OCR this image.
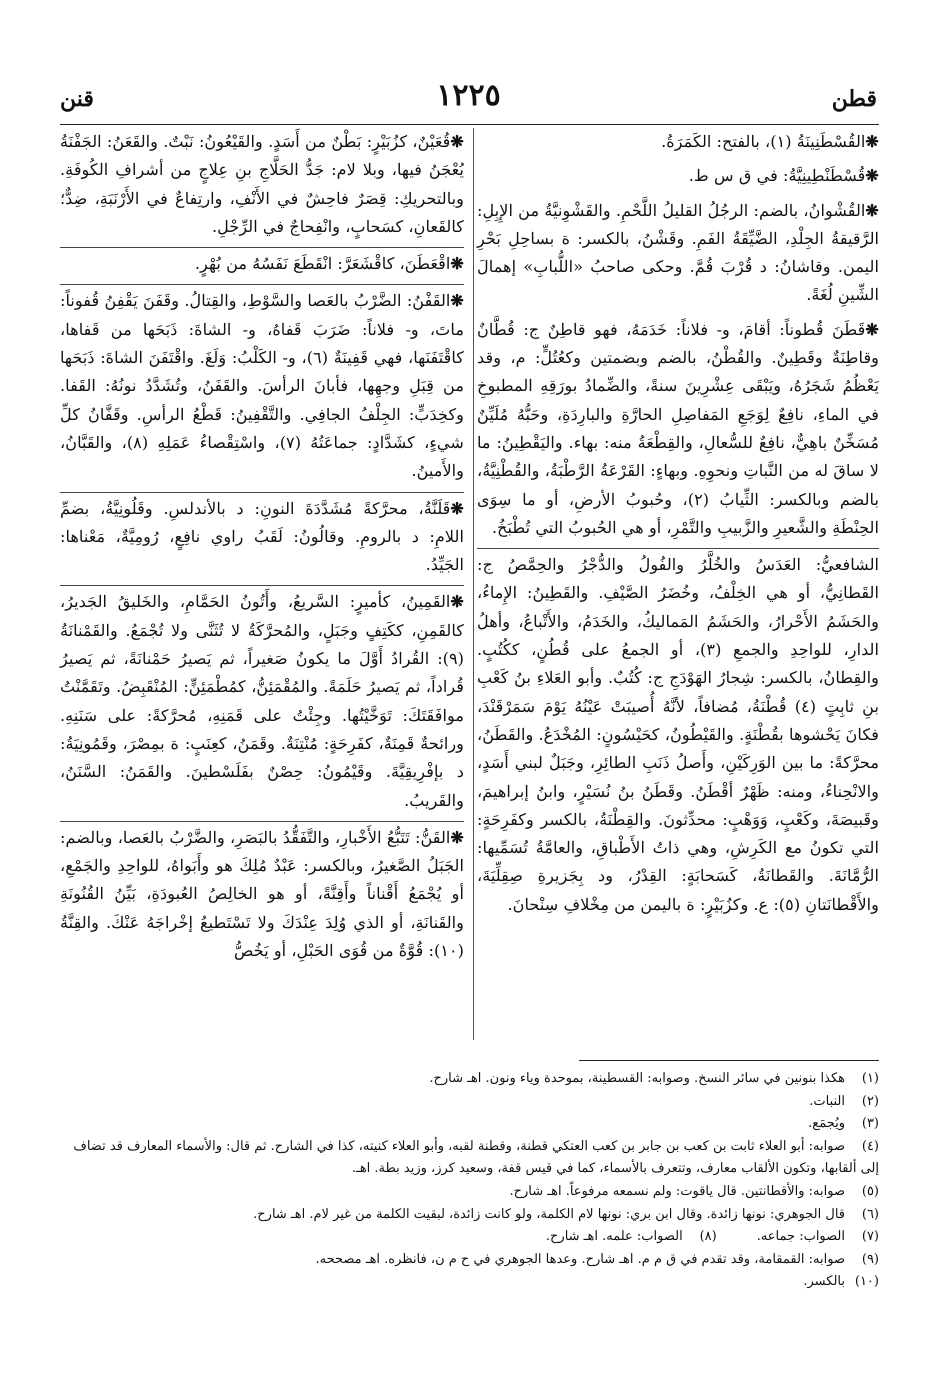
قطن
١٢٢٥
قنن

❋القُسْطَنِينَةُ (١)، بالفتح: الكَمَرَةُ.

❋قُسْطَنْطِينِيَّةُ: في ق س ط.

❋القُشْوانُ، بالضم: الرجُلُ القليلُ اللَّحْمِ. والقَشْوِنيَّةُ من الإِبِلِ: الرَّقيقةُ الجِلْدِ، الضَّيِّقَةُ الفَمِ. وقَشْنُ، بالكسر: ة بساحِلِ بَحْرِ اليمن. وقاشانُ: د قُرْبَ قُمَّ. وحكى صاحبُ «اللُّبابِ» إهمالَ الشِّينِ لُغَةً.

❋قَطَنَ قُطوناً: أقامَ، و- فلاناً: خَدَمَهُ، فهو قاطِنٌ ج: قُطَّانٌ وقاطِنَةٌ وقَطِينٌ. والقُطْنُ، بالضم وبضمتين وكعُتُلٍّ: م، وقد يَعْظُمُ شَجَرُهُ، ويَبْقَى عِشْرِينَ سنةً، والضِّمادُ بورَقِهِ المطبوخِ في الماءِ، نافِعٌ لِوَجَعِ المَفاصِلِ الحارَّةِ والبارِدَةِ، وحَبُّهُ مُلَيِّنٌ مُسَخِّنٌ باهِيٌّ، نافِعٌ للسُّعالِ، والقِطْعَةُ منه: بهاء. واليَقْطِينُ: ما لا ساقَ له من النَّباتِ ونحوِهِ. وبهاءٍ: القَرْعَةُ الرَّطْبَةُ، والقُطْنِيَّةُ، بالضم وبالكسر: الثِّيابُ (٢)، وحُبوبُ الأرضِ، أو ما سِوَى الحِنْطَةِ والشَّعيرِ والزَّبيبِ والتَّمْرِ، أو هي الحُبوبُ التي تُطْبَخُ.

الشافعيُّ: العَدَسُ والخُلَّرُ والفُولُ والدُّجْرُ والحِمَّصُ ج: القَطانِيُّ، أو هي الخِلْفُ، وخُضَرُ الصَّيْفِ. والقَطِينُ: الإِماءُ، والحَشَمُ الأَحْرارُ، والحَشَمُ المَماليكُ، والخَدَمُ، والأَتْباعُ، وأهلُ الدارِ، للواحِدِ والجمعِ (٣)، أو الجمعُ على قُطُنٍ، ككُتُبٍ. والقِطانُ، بالكسر: شِجارُ الهَوْدَجِ ج: كُتُبٌ. وأبو العَلاءِ بنُ كَعْبِ بنِ ثابِتٍ (٤) قُطْنَةُ، مُضافاً، لأنَّهُ أُصيبَتْ عَيْنُهُ يَوْمَ سَمَرْقَنْدَ، فكانَ يَحْشوها بقُطْنَةٍ. والقَيْطُونُ، كحَيْسُونٍ: المُخْدَعُ. والقَطَنُ، محرَّكةً: ما بين الوَرِكَيْنِ، وأَصلُ ذَنَبِ الطائِرِ، وجَبَلٌ لبني أَسَدٍ، والانْحِناءُ، ومنه: ظَهْرٌ أقْطَنُ. وقَطَنُ بنُ نُسَيْرٍ، وابنُ إبراهيمَ، وقَبيصَةَ، وكَعْبٍ، وَوَهْبٍ: محدِّثونَ. والقِطْنَةُ، بالكسر وكفَرِحَةٍ: التي تكونُ مع الكَرِشِ، وهي ذاتُ الأَطْباقِ، والعامَّةُ تُسَمِّيها: الرُّمَّانَةَ. والقَطانَةُ، كَسَحابَةٍ: القِدْرُ، ود بِجَزيرةِ صِقِلِّيَةَ، والأَقْطانَتانِ (٥): ع. وكزُبَيْرٍ: ة باليمن من مِخْلافِ سِنْحانَ.

❋قُعَيْنٌ، كزُبَيْرٍ: بَطْنٌ من أَسَدٍ. والقَيْعُونُ: نَبْتٌ. والقَعَنُ: الجَفْنَةُ يُعْجَنُ فيها، وبلا لام: جَدُّ الحَلَّاجِ بنِ عِلاجٍ من أشرافِ الكُوفَةِ. وبالتحريكِ: قِصَرٌ فاحِشٌ في الأَنْفِ، وارتِفاعٌ في الأَرْنَبَةِ، ضِدٌّ؛ كالقَعانِ، كسَحابٍ، وانْفِحاجٌ في الرِّجْلِ.

❋اقْعَطَنَ، كاقْشَعَرَّ: انْقَطَعَ نَفَسُهُ من بُهْرٍ.

❋القَفْنُ: الضَّرْبُ بالعَصا والسَّوْطِ، والقِتالُ. وقَفَنَ يَقْفِنُ قُفوناً: ماتَ، و- فلاناً: ضَرَبَ قَفاهُ، و- الشاةَ: ذَبَحَها من قَفاها، كاقْتَفَنَها، فهي قَفِينَةٌ (٦)، و- الكَلْبُ: وَلَغَ. واقْتَفَنَ الشاةَ: ذَبَحَها من قِبَلِ وجهِها، فأبانَ الرأسَ. والقَفَنُ، وتُشَدَّدُ نونُهُ: القَفا. وكخِدَبٍّ: الجِلْفُ الجافِي. والتَّقْفِينُ: قَطْعُ الرأسِ. وقَفَّانُ كلِّ شيءٍ، كشَدَّادٍ: جماعَتُهُ (٧)، واسْتِقْصاءُ عَمَلِهِ (٨)، والقَبَّانُ، والأَمينُ.

❋قَلَنَّةُ، محرَّكةً مُشَدَّدَةَ النونِ: د بالأندلسِ. وقَلُونِيَّةُ، بضمِّ اللامِ: د بالرومِ. وقالُونُ: لَقَبُ راوي نافِعٍ، رُومِيَّةٌ، مَعْناها: الجَيِّدُ.

❋القَمِينُ، كأميرٍ: السَّريعُ، وأَتُونُ الحَمَّامِ، والخَليقُ الجَديرُ، كالقَمِنِ، ككَتِفٍ وجَبَلٍ، والمُحرَّكَةُ لا تُثَنَّى ولا تُجْمَعُ. والقَمْنانَةُ (٩): القُرادُ أَوَّلَ ما يكونُ صَغيراً، ثم يَصيرُ حَمْنانَةً، ثم يَصيرُ قُراداً، ثم يَصيرُ حَلَمَةً. والمُقْمَئِنُّ، كمُطْمَئِنٍّ: المُنْقَبِضُ. وتَقَمَّنْتُ موافَقَتَكَ: تَوَخَّيْتُها. وجِئْتُ على قَمَنِهِ، مُحرَّكةً: على سَنَنِهِ. ورائحةٌ قَمِنَةٌ، كفَرِحَةٍ: مُنْتِنَةٌ. وقَمَنُ، كعِنَبٍ: ة بمِصْرَ، وقَمُونِيَةُ: د بإفْرِيقِيَّةَ. وقَيْمُونُ: حِصْنٌ بفَلَسْطينَ. والقَمَنُ: السَّنَنُ، والقَريبُ.

❋القَنُّ: تَتَبُّعُ الأَخْبارِ، والتَّفَقُّدُ بالبَصَرِ، والضَّرْبُ بالعَصا، وبالضم: الجَبَلُ الصَّغيرُ، وبالكسر: عَبْدٌ مُلِكَ هو وأَبَواهُ، للواحِدِ والجَمْعِ، أو يُجْمَعُ أَقْناناً وأَقِنَّةً، أو هو الخالِصُ العُبودَةِ، بَيِّنُ القُنُونَةِ والقَنانَةِ، أو الذي وُلِدَ عِنْدَكَ ولا تَسْتَطيعُ إخْراجَهُ عَنْكَ. والقِنَّةُ (١٠): قُوَّةٌ من قُوَى الحَبْلِ، أو يَخُصُّ

(١)هكذا بنونين في سائر النسخ. وصوابه: القسطينة، بموحدة وياء ونون. اهـ شارح.

(٢)النبات.

(٣)ويُجمَع.

(٤)صوابه: أبو العلاء ثابت بن كعب بن جابر بن كعب العتكي قطنة، وقطنة لقبه، وأبو العلاء كنيته، كذا في الشارح. ثم قال: والأسماء المعارف قد تضاف إلى ألقابها، وتكون الألقاب معارف، وتتعرف بالأسماء، كما في قيس قفة، وسعيد كرز، وزيد بطة. اهـ.

(٥)صوابه: والأقطانتين. قال ياقوت: ولم نسمعه مرفوعاً. اهـ شارح.

(٦)قال الجوهري: نونها زائدة. وقال ابن بري: نونها لام الكلمة، ولو كانت زائدة، لبقيت الكلمة من غير لام. اهـ شارح.

(٧)الصواب: جماعه.(٨)الصواب: علمه. اهـ شارح.

(٩)صوابه: القمقامة، وقد تقدم في ق م م. اهـ شارح. وعدها الجوهري في ح م ن، فانظره. اهـ مصححه.

(١٠)بالكسر.
